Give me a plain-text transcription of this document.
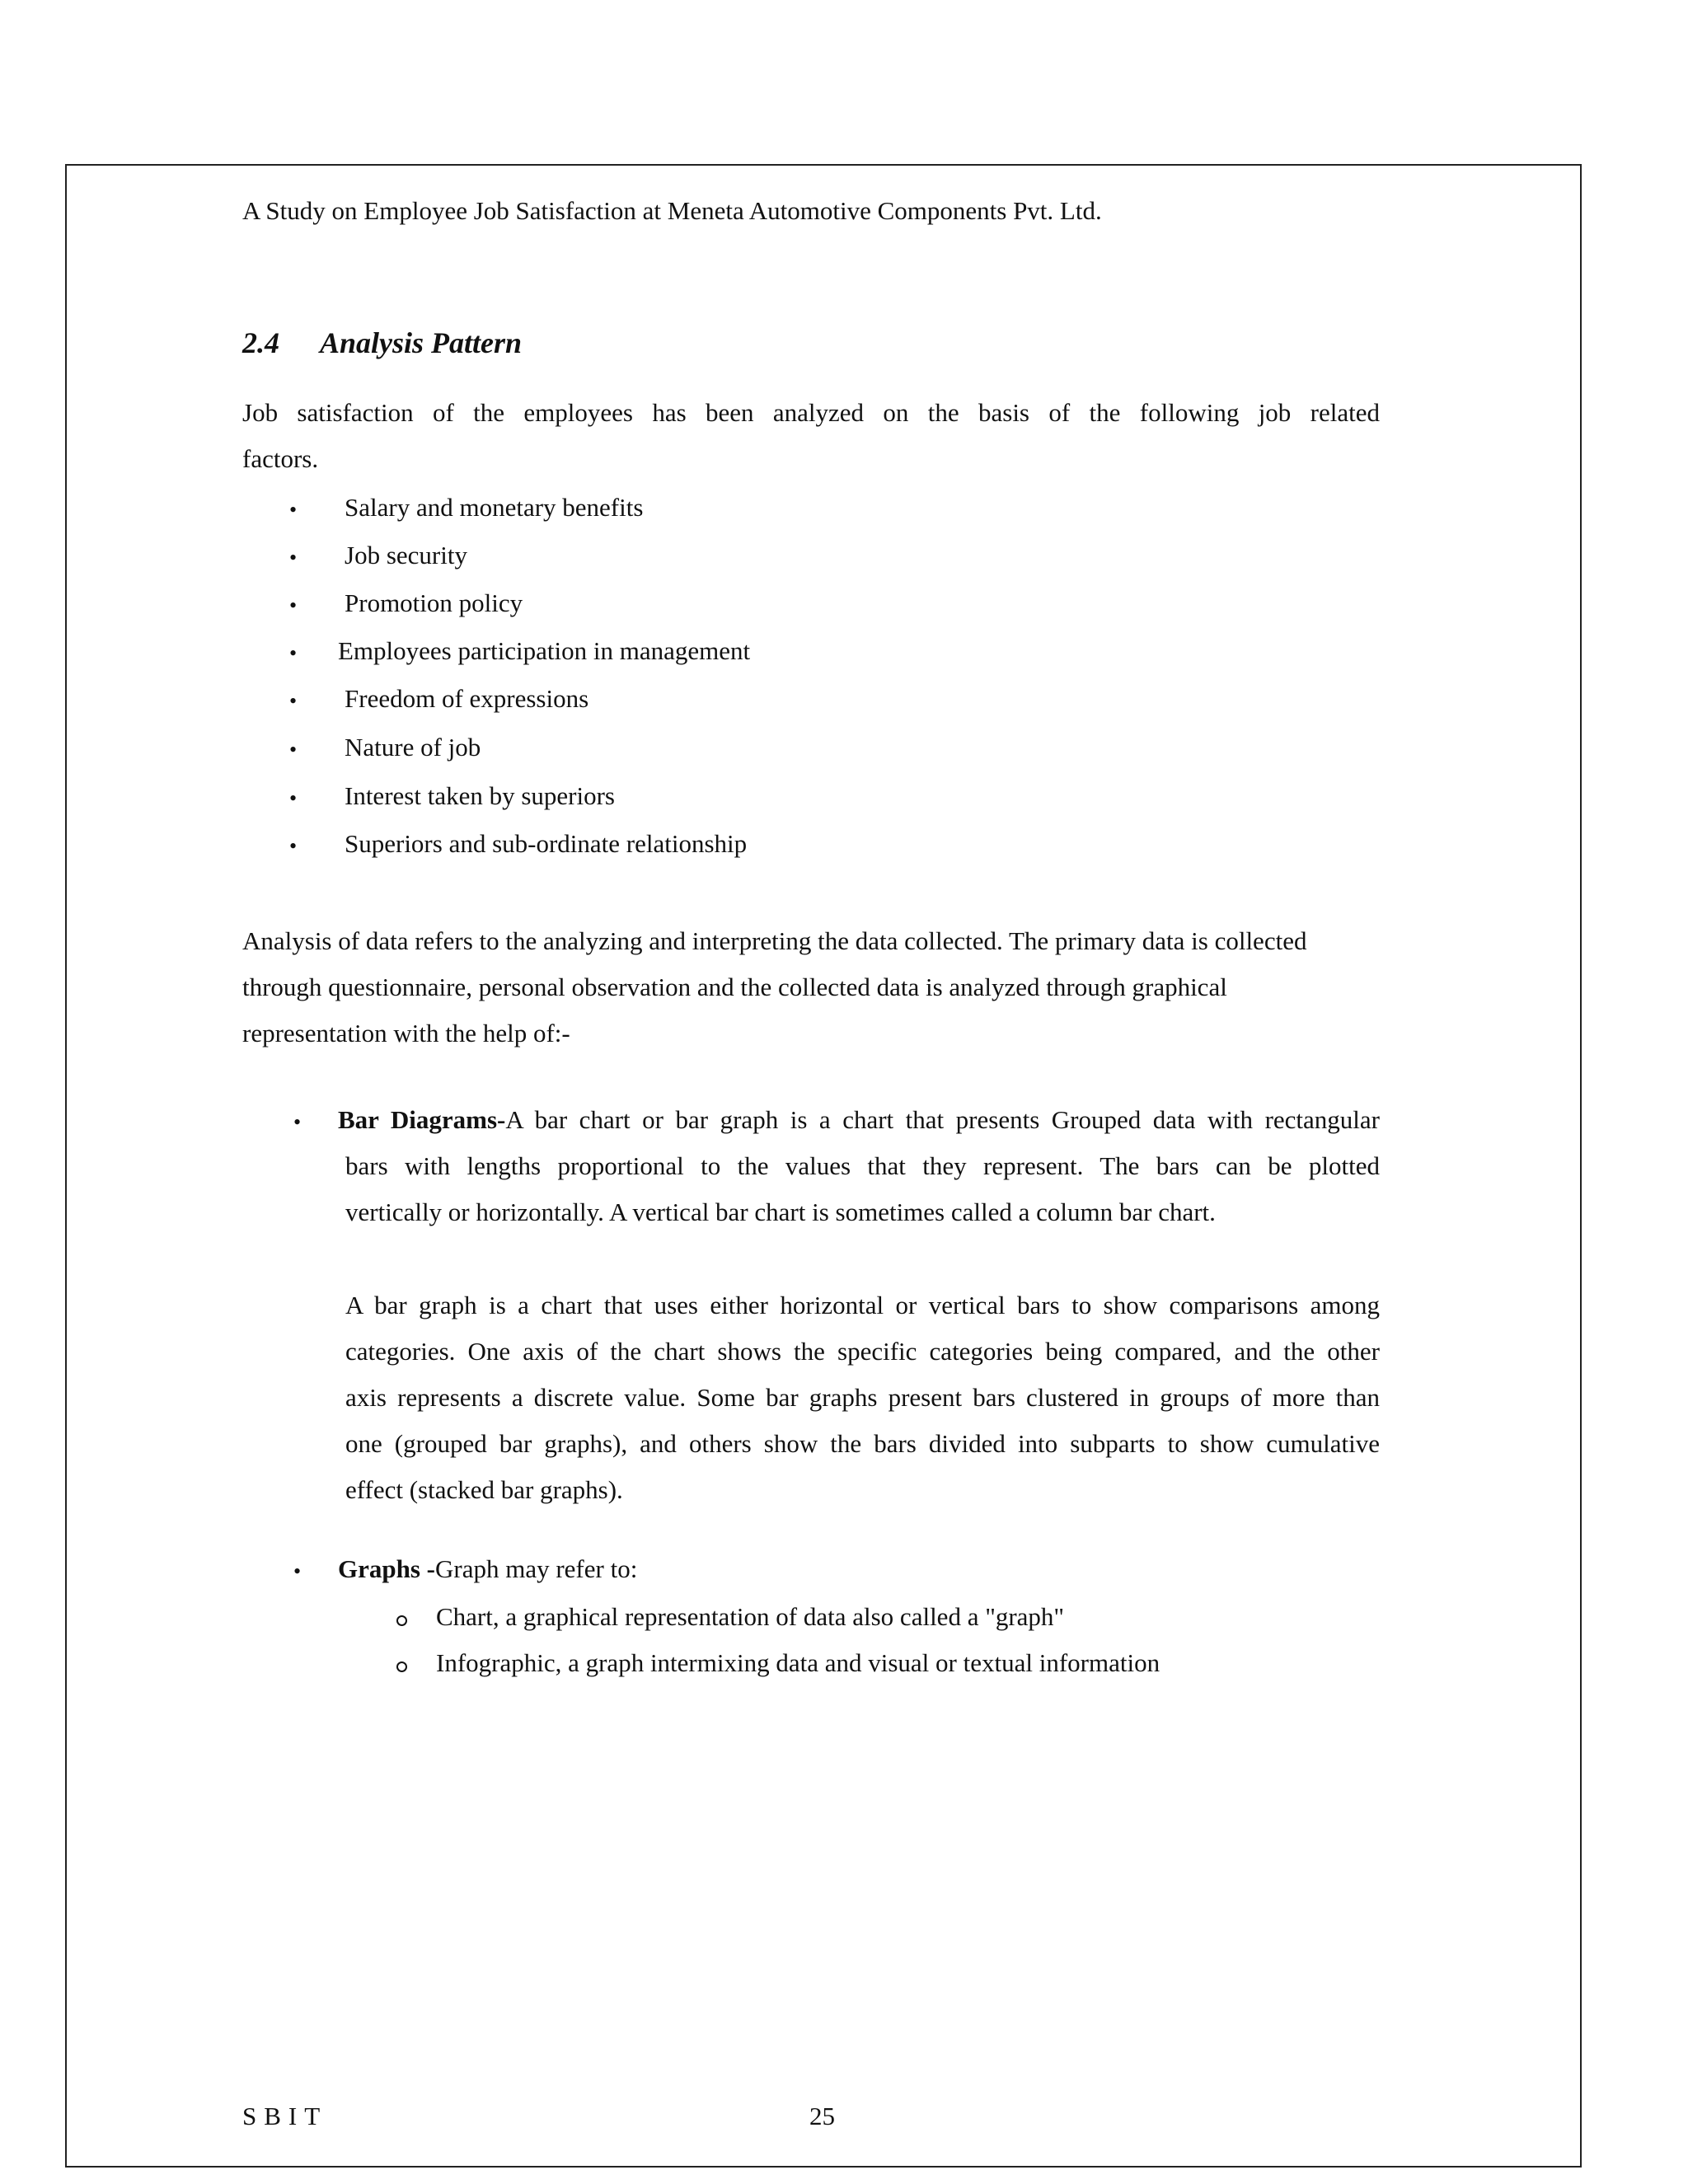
A Study on Employee Job Satisfaction at Meneta Automotive Components Pvt. Ltd.
2.4 Analysis Pattern
Job satisfaction of the employees has been analyzed on the basis of the following job related
factors.
• Salary and monetary benefits
• Job security
• Promotion policy
• Employees participation in management
• Freedom of expressions
• Nature of job
• Interest taken by superiors
• Superiors and sub-ordinate relationship
Analysis of data refers to the analyzing and interpreting the data collected. The primary data is collected
through questionnaire, personal observation and the collected data is analyzed through graphical
representation with the help of:-
• Bar Diagrams-A bar chart or bar graph is a chart that presents Grouped data with rectangular
bars with lengths proportional to the values that they represent. The bars can be plotted
vertically or horizontally. A vertical bar chart is sometimes called a column bar chart.
A bar graph is a chart that uses either horizontal or vertical bars to show comparisons among
categories. One axis of the chart shows the specific categories being compared, and the other
axis represents a discrete value. Some bar graphs present bars clustered in groups of more than
one (grouped bar graphs), and others show the bars divided into subparts to show cumulative
effect (stacked bar graphs).
• Graphs -Graph may refer to:
Chart, a graphical representation of data also called a "graph"
Infographic, a graph intermixing data and visual or textual information
SBIT	25
